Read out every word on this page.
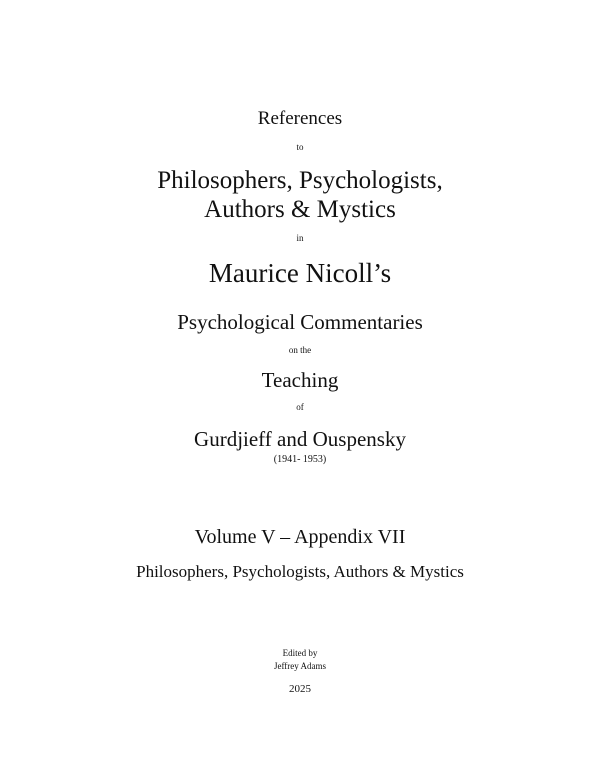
References
to
Philosophers, Psychologists,
Authors & Mystics
in
Maurice Nicoll’s
Psychological Commentaries
on the
Teaching
of
Gurdjieff and Ouspensky
(1941- 1953)
Volume V – Appendix VII
Philosophers, Psychologists, Authors & Mystics
Edited by
Jeffrey Adams
2025
